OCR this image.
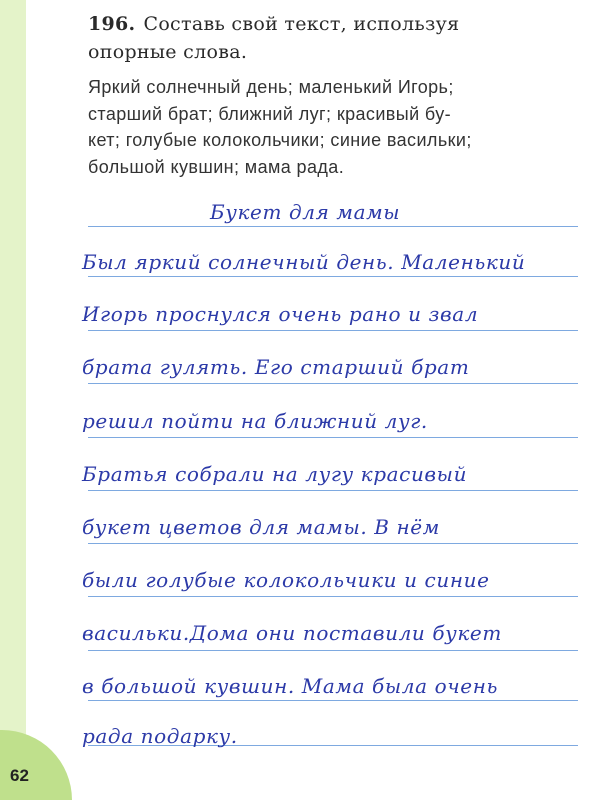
62
196. Составь свой текст, используя
опорные слова.
Яркий солнечный день; маленький Игорь;
старший брат; ближний луг; красивый бу-
кет; голубые колокольчики; синие васильки;
большой кувшин; мама рада.
Букет для мамы
Был яркий солнечный день. Маленький
Игорь проснулся очень рано и звал
брата гулять. Его старший брат
решил пойти на ближний луг.
Братья собрали на лугу красивый
букет цветов для мамы. В нём
были голубые колокольчики и синие
васильки.Дома они поставили букет
в большой кувшин. Мама была очень
рада подарку.
